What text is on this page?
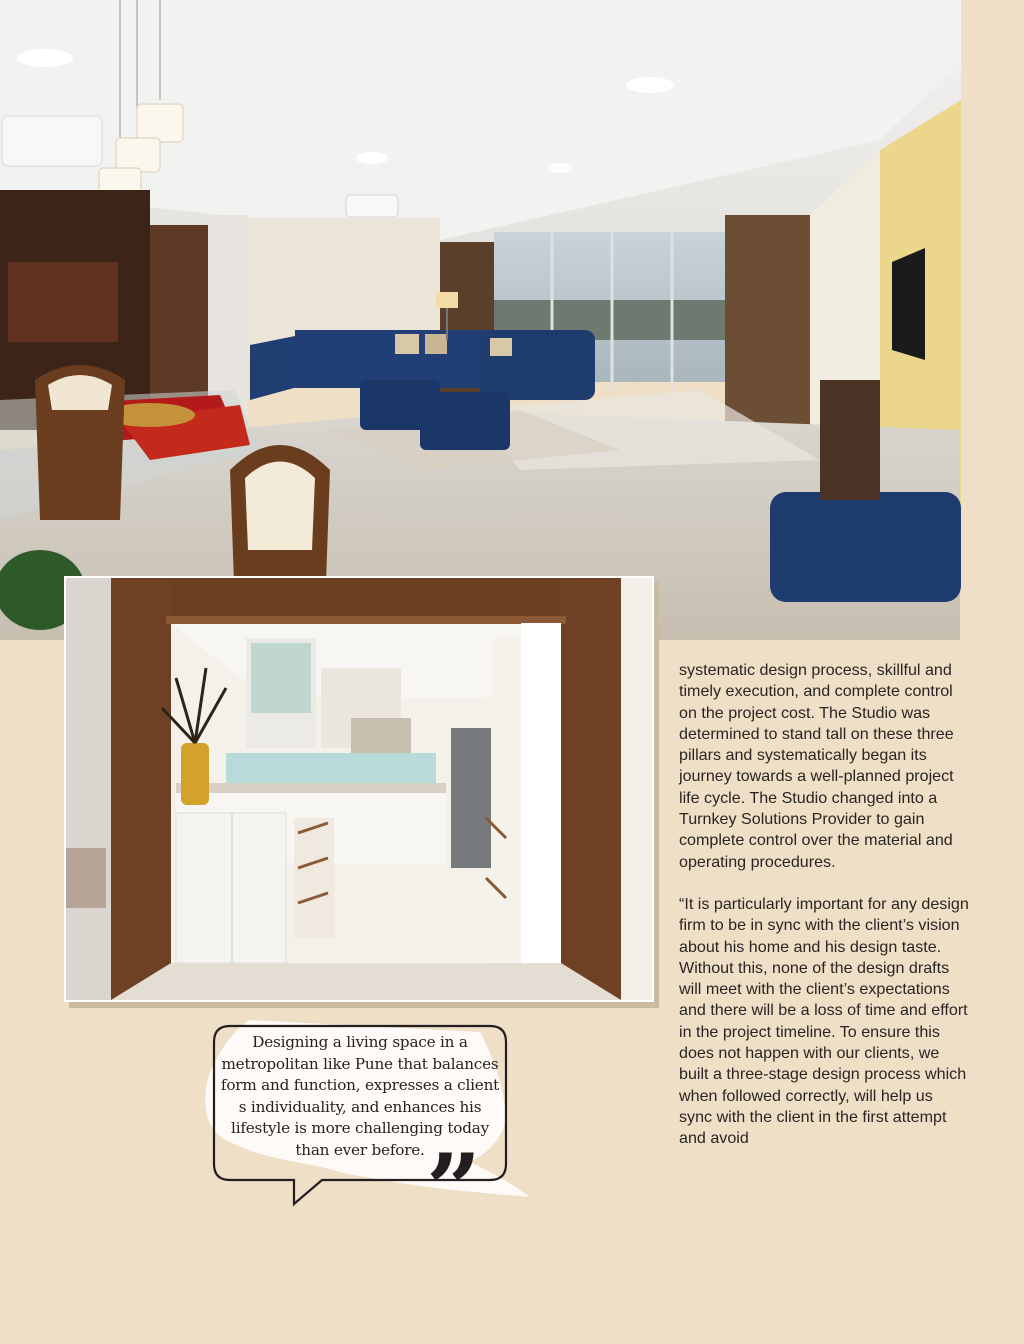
Designing a living space in a metropolitan like Pune that balances form and function, expresses a client s individuality, and enhances his lifestyle is more challenging today than ever before. ”

systematic design process, skillful and timely execution, and complete control on the project cost. The Studio was determined to stand tall on these three pillars and systematically began its journey towards a well-planned project life cycle. The Studio changed into a Turnkey Solutions Provider to gain complete control over the material and operating procedures.

“It is particularly important for any design firm to be in sync with the client’s vision about his home and his design taste. Without this, none of the design drafts will meet with the client’s expectations and there will be a loss of time and effort in the project timeline. To ensure this does not happen with our clients, we built a three-stage design process which when followed correctly, will help us sync with the client in the first attempt and avoid
